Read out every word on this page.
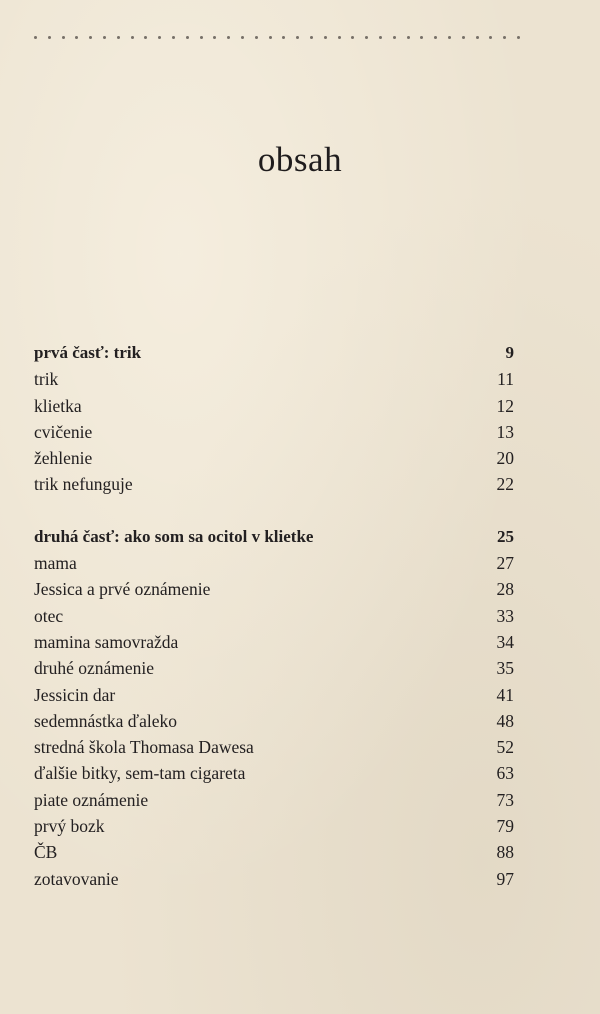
obsah
prvá časť: trik	9
trik	11
klietka	12
cvičenie	13
žehlenie	20
trik nefunguje	22
druhá časť: ako som sa ocitol v klietke	25
mama	27
Jessica a prvé oznámenie	28
otec	33
mamina samovražda	34
druhé oznámenie	35
Jessicin dar	41
sedemnástka ďaleko	48
stredná škola Thomasa Dawesa	52
ďalšie bitky, sem-tam cigareta	63
piate oznámenie	73
prvý bozk	79
ČB	88
zotavovanie	97
